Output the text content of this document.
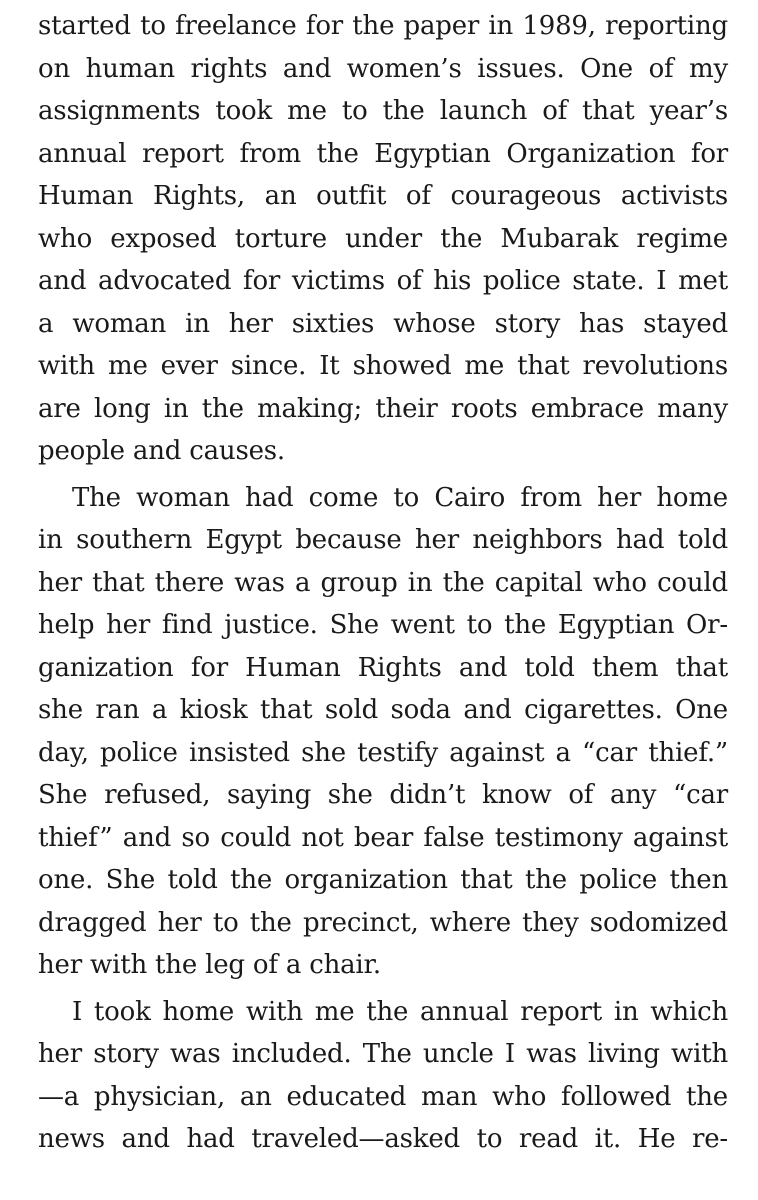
started to freelance for the paper in 1989, reporting
on human rights and women’s issues. One of my
assignments took me to the launch of that year’s
annual report from the Egyptian Organization for
Human Rights, an outfit of courageous activists
who exposed torture under the Mubarak regime
and advocated for victims of his police state. I met
a woman in her sixties whose story has stayed
with me ever since. It showed me that revolutions
are long in the making; their roots embrace many
people and causes.
The woman had come to Cairo from her home
in southern Egypt because her neighbors had told
her that there was a group in the capital who could
help her find justice. She went to the Egyptian Or-
ganization for Human Rights and told them that
she ran a kiosk that sold soda and cigarettes. One
day, police insisted she testify against a “car thief.”
She refused, saying she didn’t know of any “car
thief” and so could not bear false testimony against
one. She told the organization that the police then
dragged her to the precinct, where they sodomized
her with the leg of a chair.
I took home with me the annual report in which
her story was included. The uncle I was living with
—a physician, an educated man who followed the
news and had traveled—asked to read it. He re-
